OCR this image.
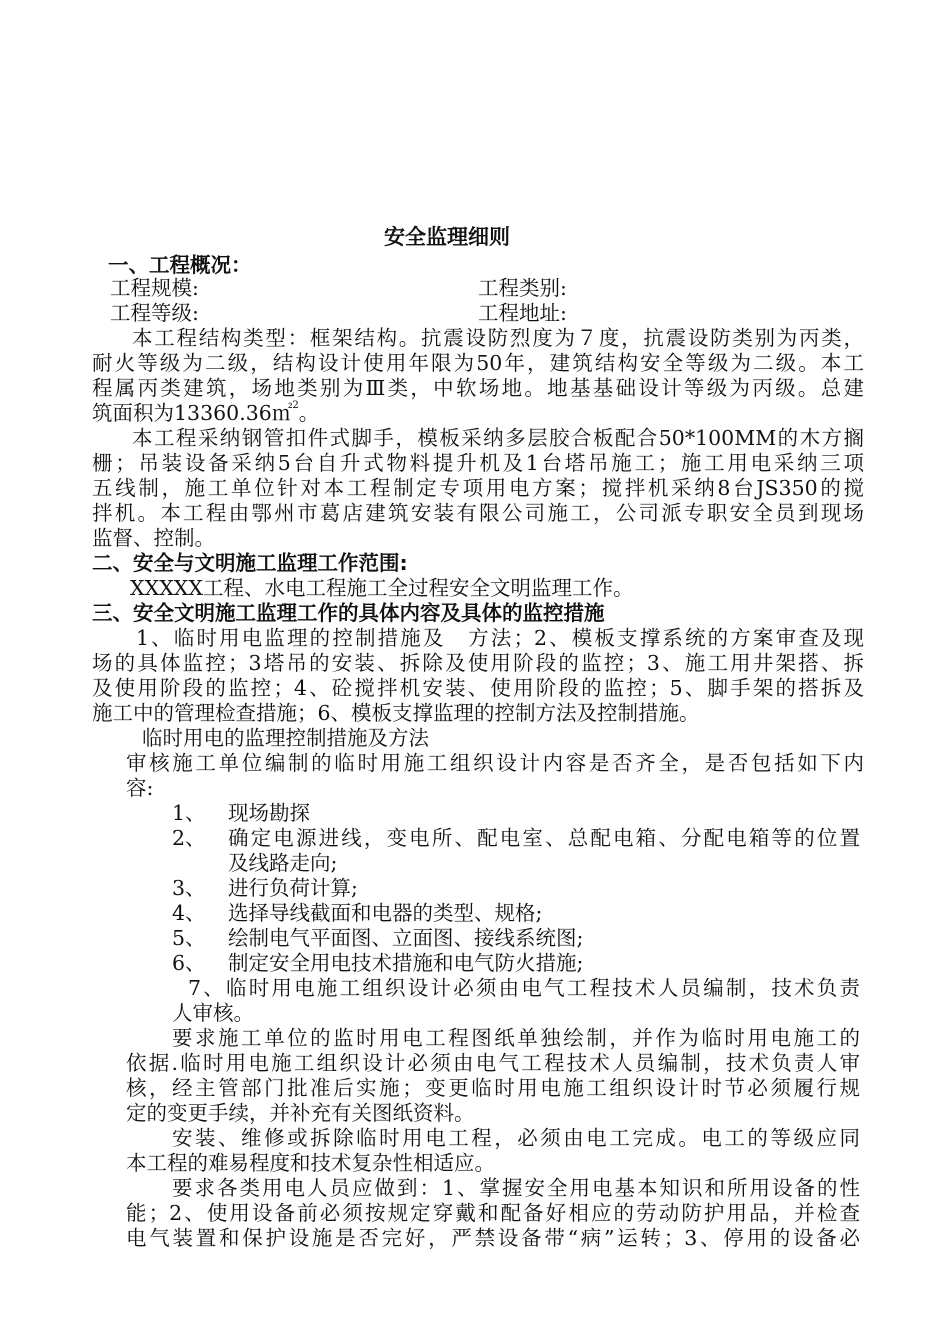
安全监理细则
一、工程概况：
工程规模:	工程类别:
工程等级:	工程地址:
本工程结构类型：框架结构。抗震设防烈度为７度，抗震设防类别为丙类，
耐火等级为二级，结构设计使用年限为50年，建筑结构安全等级为二级。本工
程属丙类建筑，场地类别为Ⅲ类，中软场地。地基基础设计等级为丙级。总建
筑面积为13360.36㎡$^2$。
本工程采纳钢管扣件式脚手，模板采纳多层胶合板配合50*100MM的木方搁
栅；吊装设备采纳5台自升式物料提升机及1台塔吊施工；施工用电采纳三项
五线制，施工单位针对本工程制定专项用电方案；搅拌机采纳8台JS350的搅
拌机。本工程由鄂州市葛店建筑安装有限公司施工，公司派专职安全员到现场
监督、控制。
二、安全与文明施工监理工作范围:
XXXXX工程、水电工程施工全过程安全文明监理工作。
三、安全文明施工监理工作的具体内容及具体的监控措施
1、临时用电监理的控制措施及　方法；2、模板支撑系统的方案审查及现
场的具体监控；3塔吊的安装、拆除及使用阶段的监控；3、施工用井架搭、拆
及使用阶段的监控；4、砼搅拌机安装、使用阶段的监控；5、脚手架的搭拆及
施工中的管理检查措施；6、模板支撑监理的控制方法及控制措施。
临时用电的监理控制措施及方法
审核施工单位编制的临时用施工组织设计内容是否齐全，是否包括如下内
容:
1、 现场勘探
2、 确定电源进线，变电所、配电室、总配电箱、分配电箱等的位置
及线路走向;
3、 进行负荷计算;
4、 选择导线截面和电器的类型、规格;
5、 绘制电气平面图、立面图、接线系统图;
6、 制定安全用电技术措施和电气防火措施;
7、临时用电施工组织设计必须由电气工程技术人员编制，技术负责
人审核。
要求施工单位的监时用电工程图纸单独绘制，并作为临时用电施工的
依据.临时用电施工组织设计必须由电气工程技术人员编制，技术负责人审
核，经主管部门批准后实施；变更临时用电施工组织设计时节必须履行规
定的变更手续，并补充有关图纸资料。
安装、维修或拆除临时用电工程，必须由电工完成。电工的等级应同
本工程的难易程度和技术复杂性相适应。
要求各类用电人员应做到：1、掌握安全用电基本知识和所用设备的性
能；2、使用设备前必须按规定穿戴和配备好相应的劳动防护用品，并检查
电气装置和保护设施是否完好，严禁设备带“病”运转；3、停用的设备必
